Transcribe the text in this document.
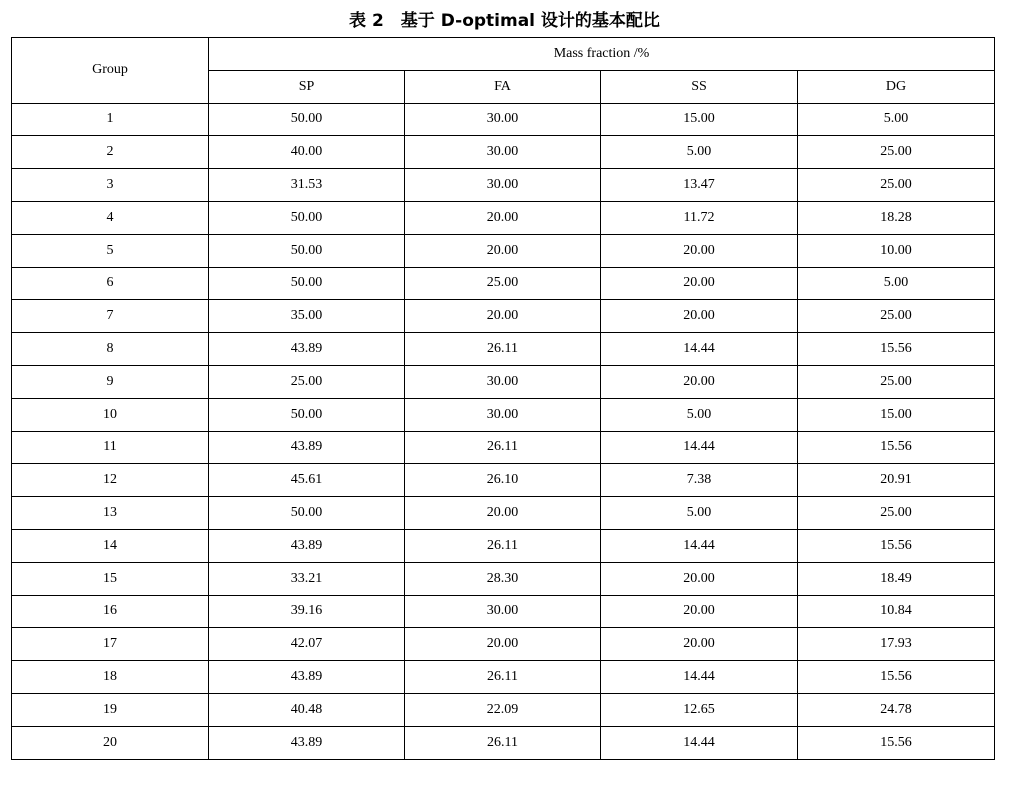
表 2　基于 D-optimal 设计的基本配比
Group	Mass fraction /%			
	SP	FA	SS	DG
1	50.00	30.00	15.00	5.00
2	40.00	30.00	5.00	25.00
3	31.53	30.00	13.47	25.00
4	50.00	20.00	11.72	18.28
5	50.00	20.00	20.00	10.00
6	50.00	25.00	20.00	5.00
7	35.00	20.00	20.00	25.00
8	43.89	26.11	14.44	15.56
9	25.00	30.00	20.00	25.00
10	50.00	30.00	5.00	15.00
11	43.89	26.11	14.44	15.56
12	45.61	26.10	7.38	20.91
13	50.00	20.00	5.00	25.00
14	43.89	26.11	14.44	15.56
15	33.21	28.30	20.00	18.49
16	39.16	30.00	20.00	10.84
17	42.07	20.00	20.00	17.93
18	43.89	26.11	14.44	15.56
19	40.48	22.09	12.65	24.78
20	43.89	26.11	14.44	15.56
